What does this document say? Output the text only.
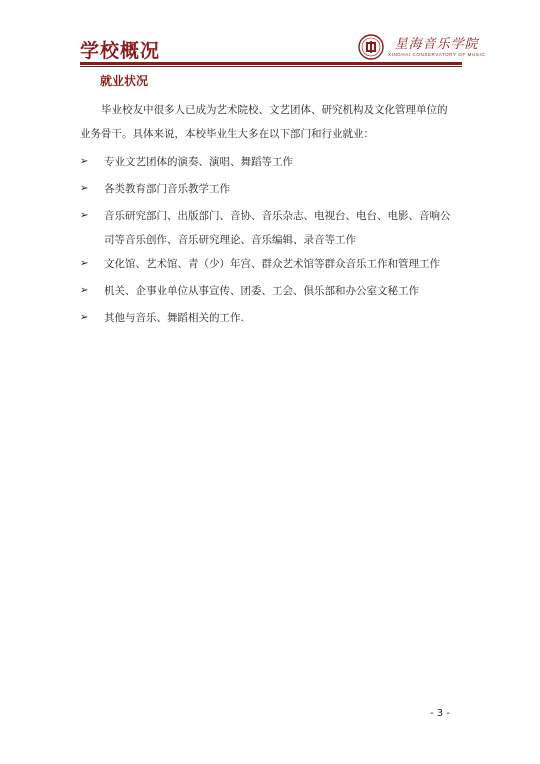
学校概况	星海音乐学院
XINGHAI CONSERVATORY OF MUSIC
就业状况
毕业校友中很多人已成为艺术院校、文艺团体、研究机构及文化管理单位的
业务骨干。具体来说，本校毕业生大多在以下部门和行业就业：
➢	专业文艺团体的演奏、演唱、舞蹈等工作
➢	各类教育部门音乐教学工作
➢	音乐研究部门、出版部门、音协、音乐杂志、电视台、电台、电影、音响公
司等音乐创作、音乐研究理论、音乐编辑、录音等工作
➢	文化馆、艺术馆、青（少）年宫、群众艺术馆等群众音乐工作和管理工作
➢	机关、企事业单位从事宣传、团委、工会、俱乐部和办公室文秘工作
➢	其他与音乐、舞蹈相关的工作.
- 3 -
